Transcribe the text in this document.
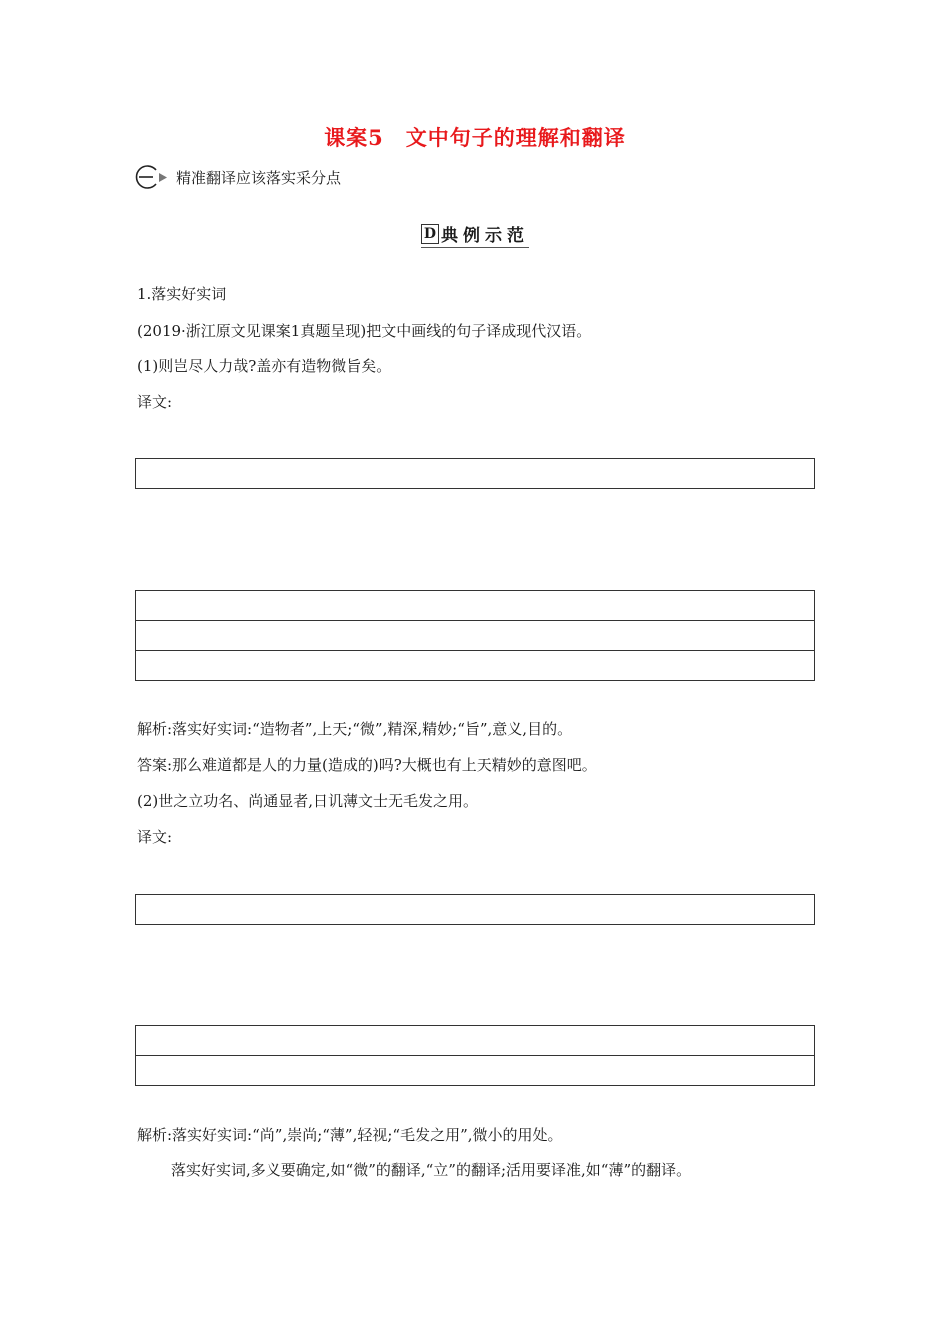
课案5　文中句子的理解和翻译
精准翻译应该落实采分点
D 典例示范
1.落实好实词
(2019·浙江原文见课案1真题呈现)把文中画线的句子译成现代汉语。
(1)则岂尽人力哉?盖亦有造物微旨矣。
译文:
解析:落实好实词:“造物者”,上天;“微”,精深,精妙;“旨”,意义,目的。
答案:那么难道都是人的力量(造成的)吗?大概也有上天精妙的意图吧。
(2)世之立功名、尚通显者,日讥薄文士无毛发之用。
译文:
解析:落实好实词:“尚”,崇尚;“薄”,轻视;“毛发之用”,微小的用处。
落实好实词,多义要确定,如“微”的翻译,“立”的翻译;活用要译准,如“薄”的翻译。
